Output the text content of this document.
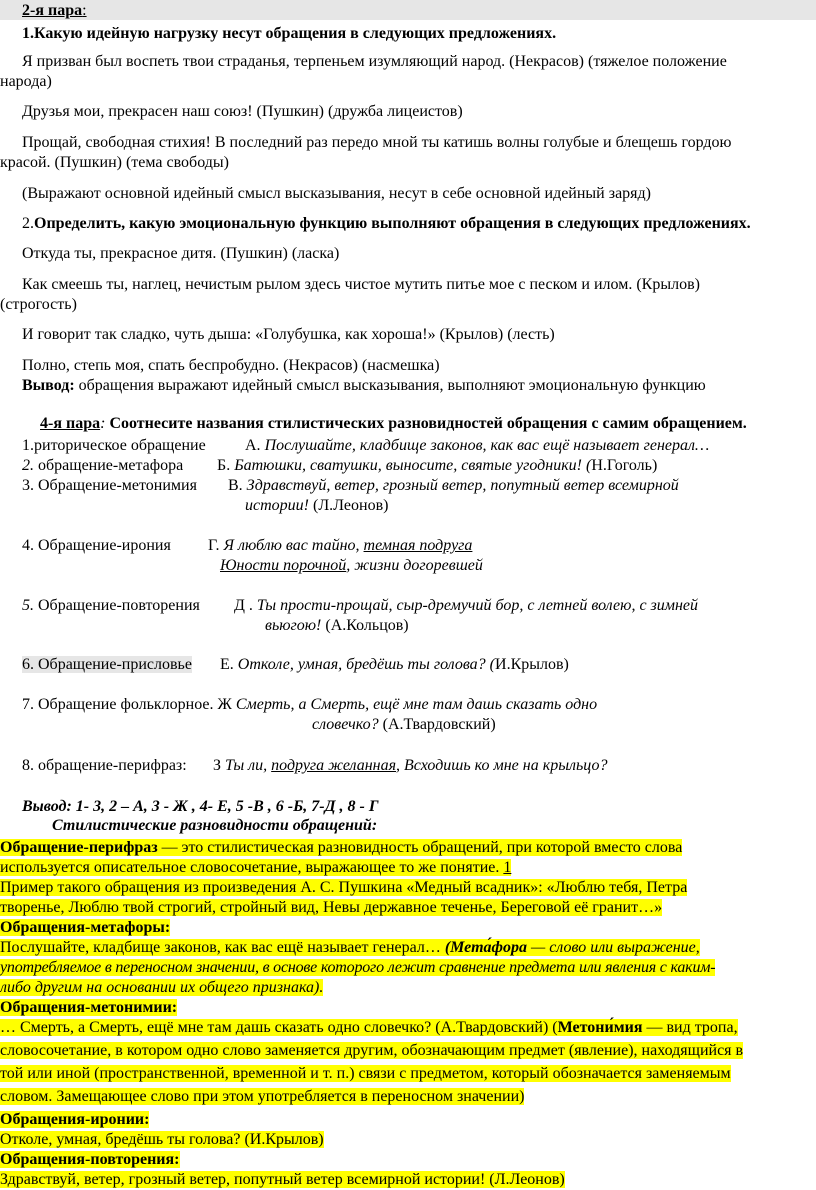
2-я пара:
1.Какую идейную нагрузку несут обращения в следующих предложениях.
Я призван был воспеть твои страданья, терпеньем изумляющий народ. (Некрасов) (тяжелое положение
народа)
Друзья мои, прекрасен наш союз! (Пушкин) (дружба лицеистов)
Прощай, свободная стихия! В последний раз передо мной ты катишь волны голубые и блещешь гордою
красой. (Пушкин) (тема свободы)
(Выражают основной идейный смысл высказывания, несут в себе основной идейный заряд)
2.Определить, какую эмоциональную функцию выполняют обращения в следующих предложениях.
Откуда ты, прекрасное дитя. (Пушкин) (ласка)
Как смеешь ты, наглец, нечистым рылом здесь чистое мутить питье мое с песком и илом. (Крылов)
(строгость)
И говорит так сладко, чуть дыша: «Голубушка, как хороша!» (Крылов) (лесть)
Полно, степь моя, спать беспробудно. (Некрасов) (насмешка)
Вывод: обращения выражают идейный смысл высказывания, выполняют эмоциональную функцию
4-я пара: Соотнесите названия стилистических разновидностей обращения с самим обращением.
1.риторическое обращение А. Послушайте, кладбище законов, как вас ещё называет генерал…
2. обращение-метафора Б. Батюшки, сватушки, выносите, святые угодники! (Н.Гоголь)
3. Обращение-метонимия В. Здравствуй, ветер, грозный ветер, попутный ветер всемирной
истории! (Л.Леонов)
4. Обращение-ирония Г. Я люблю вас тайно, темная подруга
Юности порочной, жизни догоревшей
5. Обращение-повторения Д . Ты прости-прощай, сыр-дремучий бор, с летней волею, с зимней
вьюгою! (А.Кольцов)
6. Обращение-присловье Е. Отколе, умная, бредёшь ты голова? (И.Крылов)
7. Обращение фольклорное. Ж Смерть, а Смерть, ещё мне там дашь сказать одно
словечко? (А.Твардовский)
8. обращение-перифраз: З Ты ли, подруга желанная, Всходишь ко мне на крыльцо?
Вывод: 1- 3, 2 – А, 3 - Ж , 4- Е, 5 -В , 6 -Б, 7-Д , 8 - Г
Стилистические разновидности обращений:
Обращение-перифраз — это стилистическая разновидность обращений, при которой вместо слова
используется описательное словосочетание, выражающее то же понятие. 1
Пример такого обращения из произведения А. С. Пушкина «Медный всадник»: «Люблю тебя, Петра
творенье, Люблю твой строгий, стройный вид, Невы державное теченье, Береговой её гранит…»
Обращения-метафоры:
Послушайте, кладбище законов, как вас ещё называет генерал… (Мета́фора — слово или выражение,
употребляемое в переносном значении, в основе которого лежит сравнение предмета или явления с каким-
либо другим на основании их общего признака).
Обращения-метонимии:
… Смерть, а Смерть, ещё мне там дашь сказать одно словечко? (А.Твардовский) (Метони́мия — вид тропа,
словосочетание, в котором одно слово заменяется другим, обозначающим предмет (явление), находящийся в
той или иной (пространственной, временной и т. п.) связи с предметом, который обозначается заменяемым
словом. Замещающее слово при этом употребляется в переносном значении)
Обращения-иронии:
Отколе, умная, бредёшь ты голова? (И.Крылов)
Обращения-повторения:
Здравствуй, ветер, грозный ветер, попутный ветер всемирной истории! (Л.Леонов)
